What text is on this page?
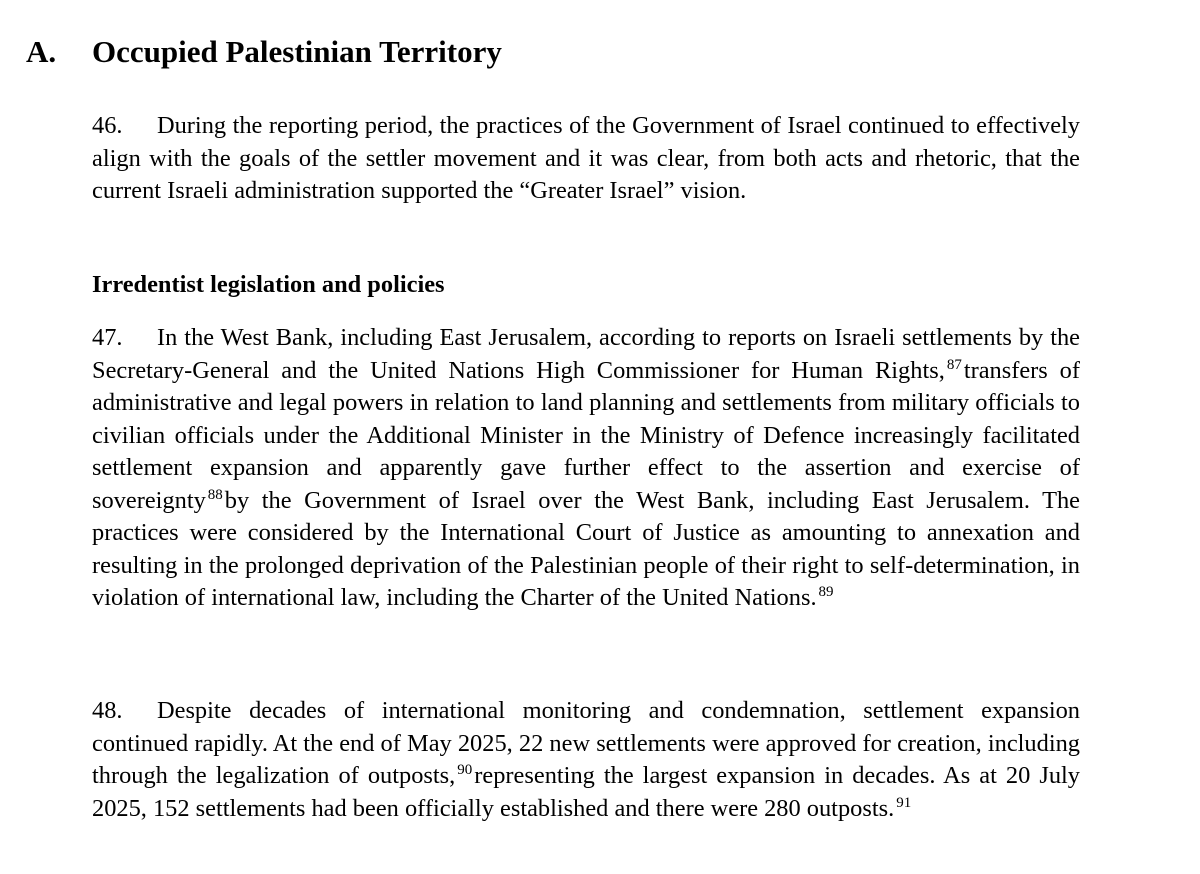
A. Occupied Palestinian Territory

46. During the reporting period, the practices of the Government of Israel continued to effectively align with the goals of the settler movement and it was clear, from both acts and rhetoric, that the current Israeli administration supported the “Greater Israel” vision.

Irredentist legislation and policies

47. In the West Bank, including East Jerusalem, according to reports on Israeli settlements by the Secretary-General and the United Nations High Commissioner for Human Rights, $^{87}$transfers of administrative and legal powers in relation to land planning and settlements from military officials to civilian officials under the Additional Minister in the Ministry of Defence increasingly facilitated settlement expansion and apparently gave further effect to the assertion and exercise of sovereignty $^{88}$by the Government of Israel over the West Bank, including East Jerusalem. The practices were considered by the International Court of Justice as amounting to annexation and resulting in the prolonged deprivation of the Palestinian people of their right to self-determination, in violation of international law, including the Charter of the United Nations. $^{89}$

48. Despite decades of international monitoring and condemnation, settlement expansion continued rapidly. At the end of May 2025, 22 new settlements were approved for creation, including through the legalization of outposts, $^{90}$representing the largest expansion in decades. As at 20 July 2025, 152 settlements had been officially established and there were 280 outposts. $^{91}$
